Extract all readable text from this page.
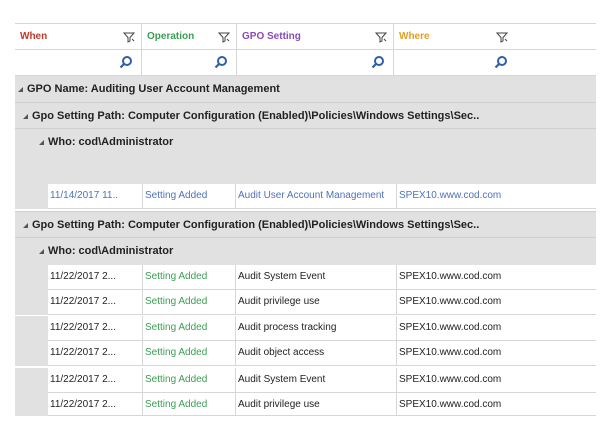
When	Operation	GPO Setting	Where
GPO Name: Auditing User Account Management
Gpo Setting Path: Computer Configuration (Enabled)\Policies\Windows Settings\Sec..
Who: cod\Administrator
11/14/2017 11..	Setting Added	Audit User Account Management	SPEX10.www.cod.com
Gpo Setting Path: Computer Configuration (Enabled)\Policies\Windows Settings\Sec..
Who: cod\Administrator
11/22/2017 2...	Setting Added	Audit System Event	SPEX10.www.cod.com
11/22/2017 2...	Setting Added	Audit privilege use	SPEX10.www.cod.com
11/22/2017 2...	Setting Added	Audit process tracking	SPEX10.www.cod.com
11/22/2017 2...	Setting Added	Audit object access	SPEX10.www.cod.com
11/22/2017 2...	Setting Added	Audit System Event	SPEX10.www.cod.com
11/22/2017 2...	Setting Added	Audit privilege use	SPEX10.www.cod.com
